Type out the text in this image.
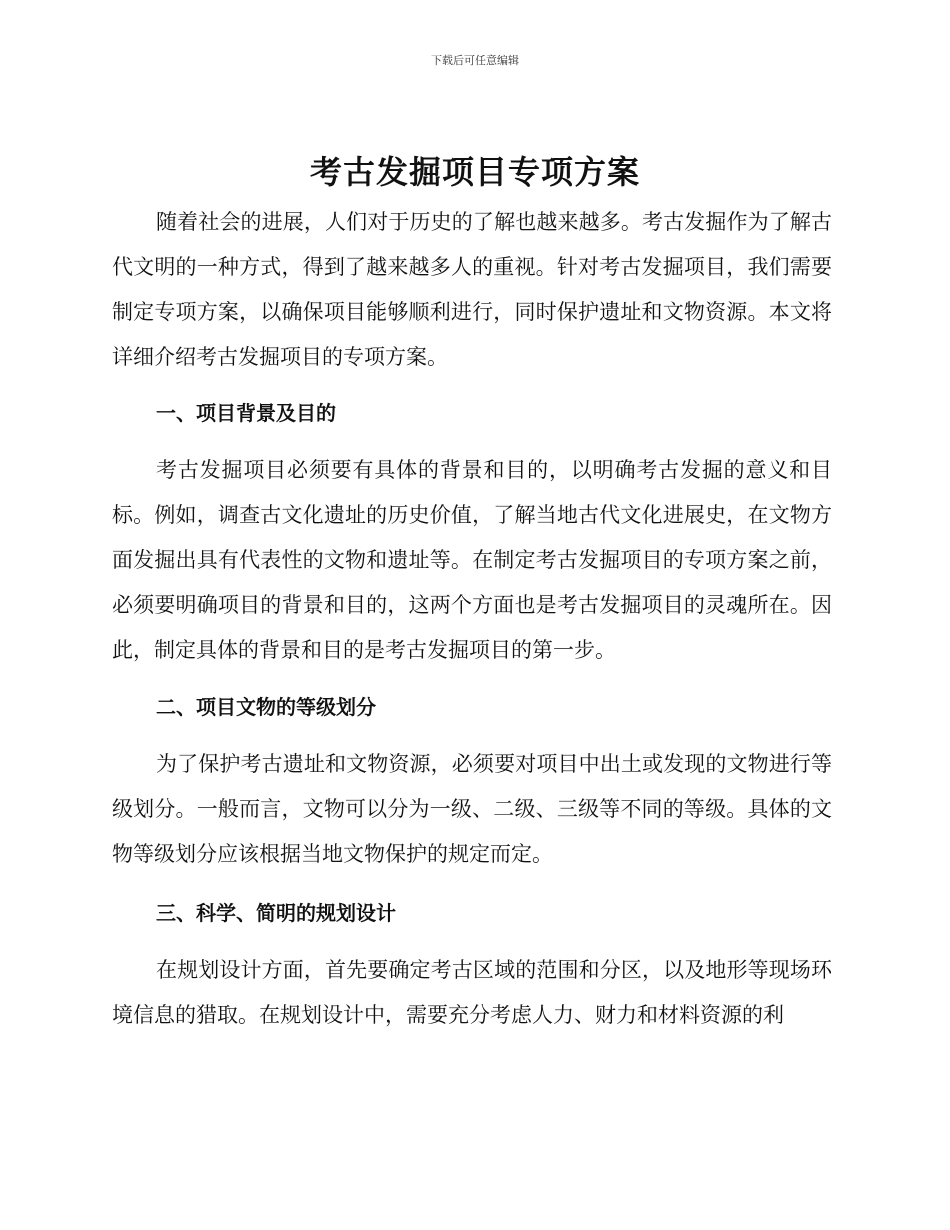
下载后可任意编辑
考古发掘项目专项方案

随着社会的进展，人们对于历史的了解也越来越多。考古发掘作为了解古代文明的一种方式，得到了越来越多人的重视。针对考古发掘项目，我们需要制定专项方案，以确保项目能够顺利进行，同时保护遗址和文物资源。本文将详细介绍考古发掘项目的专项方案。

一、项目背景及目的

考古发掘项目必须要有具体的背景和目的，以明确考古发掘的意义和目标。例如，调查古文化遗址的历史价值，了解当地古代文化进展史，在文物方面发掘出具有代表性的文物和遗址等。在制定考古发掘项目的专项方案之前，必须要明确项目的背景和目的，这两个方面也是考古发掘项目的灵魂所在。因此，制定具体的背景和目的是考古发掘项目的第一步。

二、项目文物的等级划分

为了保护考古遗址和文物资源，必须要对项目中出土或发现的文物进行等级划分。一般而言，文物可以分为一级、二级、三级等不同的等级。具体的文物等级划分应该根据当地文物保护的规定而定。

三、科学、简明的规划设计

在规划设计方面，首先要确定考古区域的范围和分区，以及地形等现场环境信息的猎取。在规划设计中，需要充分考虑人力、财力和材料资源的利
